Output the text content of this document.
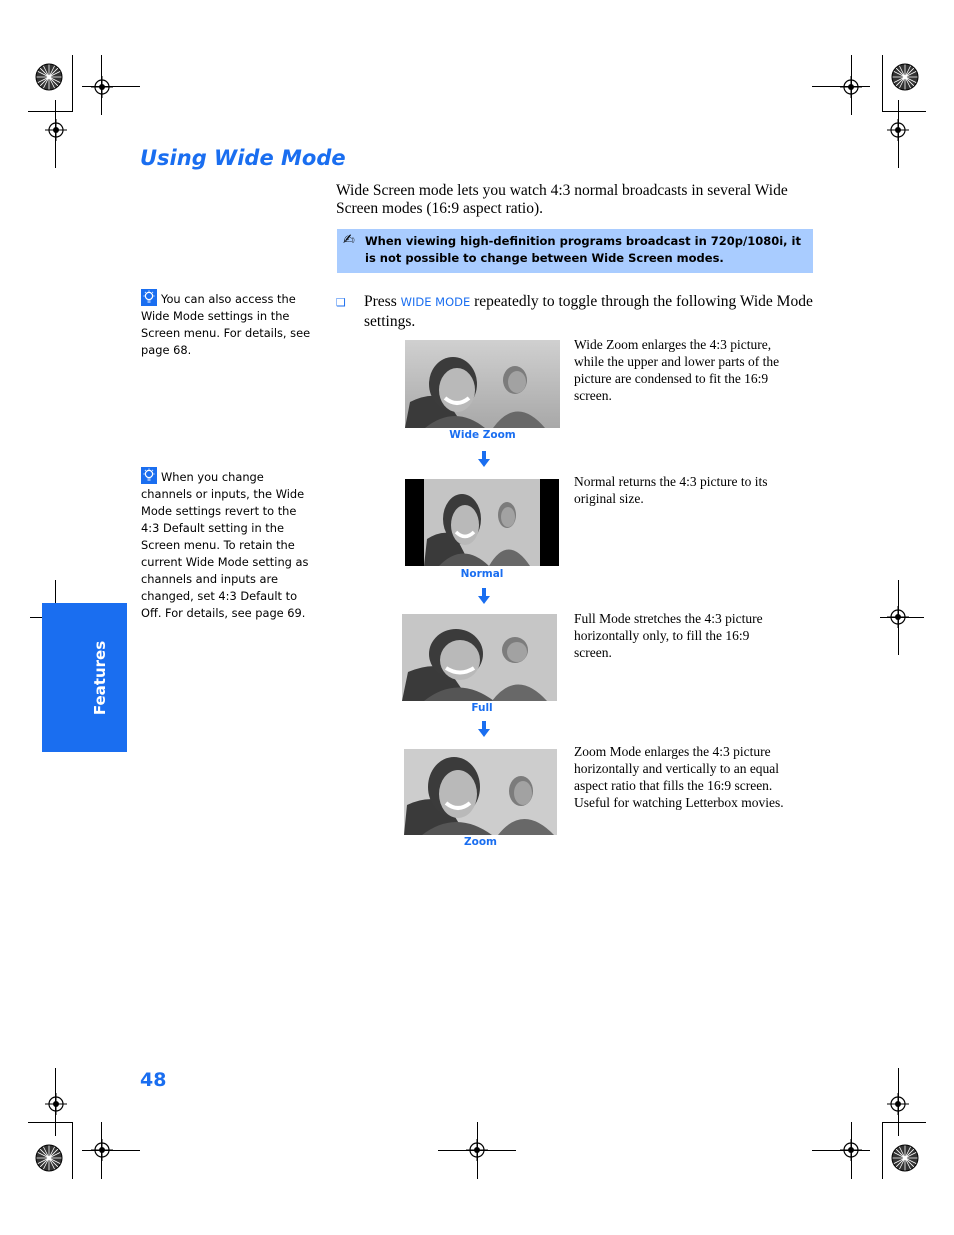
Using Wide Mode
Wide Screen mode lets you watch 4:3 normal broadcasts in several Wide Screen modes (16:9 aspect ratio).
✍ When viewing high-definition programs broadcast in 720p/1080i, it is not possible to change between Wide Screen modes.
❑ Press WIDE MODE repeatedly to toggle through the following Wide Mode settings.
You can also access the Wide Mode settings in the Screen menu. For details, see page 68.
When you change channels or inputs, the Wide Mode settings revert to the 4:3 Default setting in the Screen menu. To retain the current Wide Mode setting as channels and inputs are changed, set 4:3 Default to Off. For details, see page 69.
Features
Wide Zoom
Normal
Full
Zoom
Wide Zoom enlarges the 4:3 picture, while the upper and lower parts of the picture are condensed to fit the 16:9 screen.
Normal returns the 4:3 picture to its original size.
Full Mode stretches the 4:3 picture horizontally only, to fill the 16:9 screen.
Zoom Mode enlarges the 4:3 picture horizontally and vertically to an equal aspect ratio that fills the 16:9 screen. Useful for watching Letterbox movies.
48
